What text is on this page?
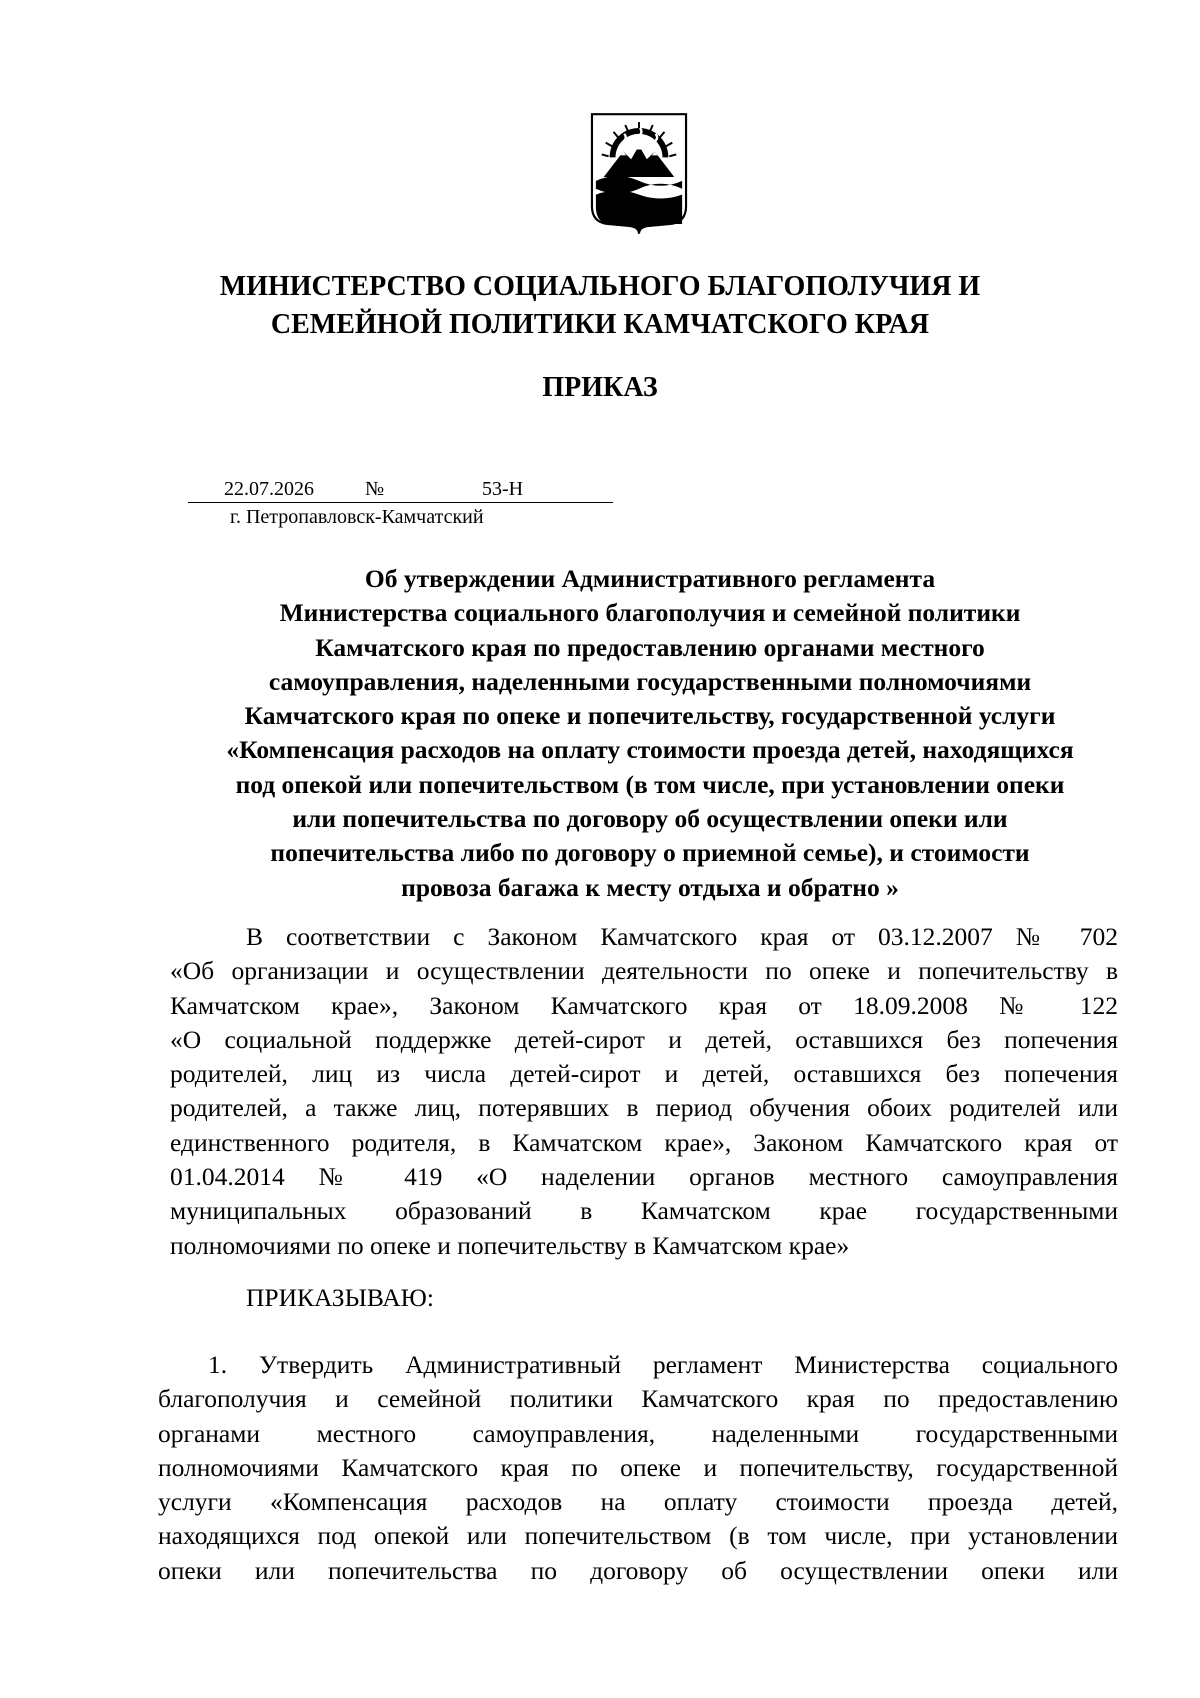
МИНИСТЕРСТВО СОЦИАЛЬНОГО БЛАГОПОЛУЧИЯ И
СЕМЕЙНОЙ ПОЛИТИКИ КАМЧАТСКОГО КРАЯ
ПРИКАЗ
22.07.2026	№	53-Н
г. Петропавловск-Камчатский
Об утверждении Административного регламента
Министерства социального благополучия и семейной политики
Камчатского края по предоставлению органами местного
самоуправления, наделенными государственными полномочиями
Камчатского края по опеке и попечительству, государственной услуги
«Компенсация расходов на оплату стоимости проезда детей, находящихся
под опекой или попечительством (в том числе, при установлении опеки
или попечительства по договору об осуществлении опеки или
попечительства либо по договору о приемной семье), и стоимости
провоза багажа к месту отдыха и обратно »
В соответствии с Законом Камчатского края от 03.12.2007 № 702
«Об организации и осуществлении деятельности по опеке и попечительству в
Камчатском крае», Законом Камчатского края от 18.09.2008 № 122
«О социальной поддержке детей-сирот и детей, оставшихся без попечения
родителей, лиц из числа детей-сирот и детей, оставшихся без попечения
родителей, а также лиц, потерявших в период обучения обоих родителей или
единственного родителя, в Камчатском крае», Законом Камчатского края от
01.04.2014 № 419 «О наделении органов местного самоуправления
муниципальных образований в Камчатском крае государственными
полномочиями по опеке и попечительству в Камчатском крае»
ПРИКАЗЫВАЮ:
1. Утвердить Административный регламент Министерства социального
благополучия и семейной политики Камчатского края по предоставлению
органами местного самоуправления, наделенными государственными
полномочиями Камчатского края по опеке и попечительству, государственной
услуги «Компенсация расходов на оплату стоимости проезда детей,
находящихся под опекой или попечительством (в том числе, при установлении
опеки или попечительства по договору об осуществлении опеки или
